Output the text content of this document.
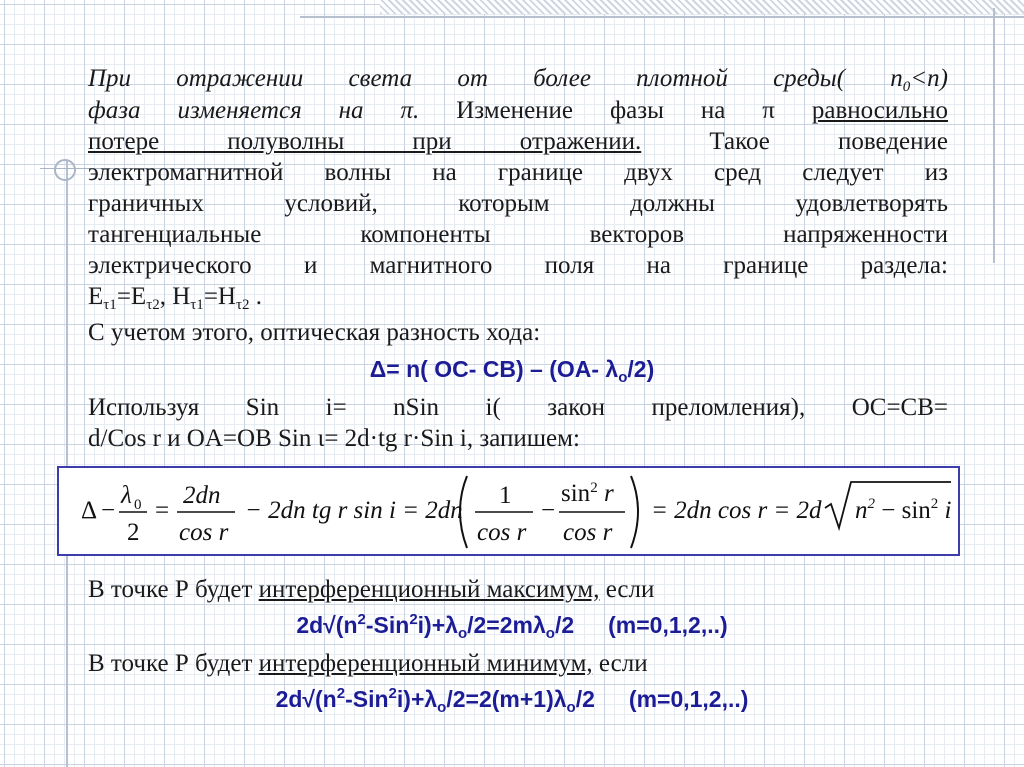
При отражении света от более плотной среды( $n_0<n$)
фаза изменяется на π. Изменение фазы на π равносильно
потере полуволны при отражении. Такое поведение
электромагнитной волны на границе двух сред следует из
граничных условий, которым должны удовлетворять
тангенциальные компоненты векторов напряженности
электрического и магнитного поля на границе раздела:
$E_{\tau 1}=E_{\tau 2}$, $H_{\tau 1}=H_{\tau 2}$ .
С учетом этого, оптическая разность хода:
Δ= n( OC- CB) – (OA- $\lambda_o/2$)
Используя Sin i= nSin i( закон преломления), OC=CB=
d/Cos r и OA=OB Sin ι= 2d·tg r·Sin i, запишем:
Δ −
λ 0
2
=
2dn
cos r
− 2dn tg r sin i = 2dn
1
cos r
−
$\sin^2 r$
cos r
= 2dn cos r = 2d $n^2 - \sin^2 i$
В точке Р будет интерференционный максимум, если
$2d√(n^2-Sin^2i)+\lambda_o/2=2m\lambda_o/2$ (m=0,1,2,..)
В точке Р будет интерференционный минимум, если
$2d√(n^2-Sin^2i)+\lambda_o/2=2(m+1)\lambda_o/2$ (m=0,1,2,..)
